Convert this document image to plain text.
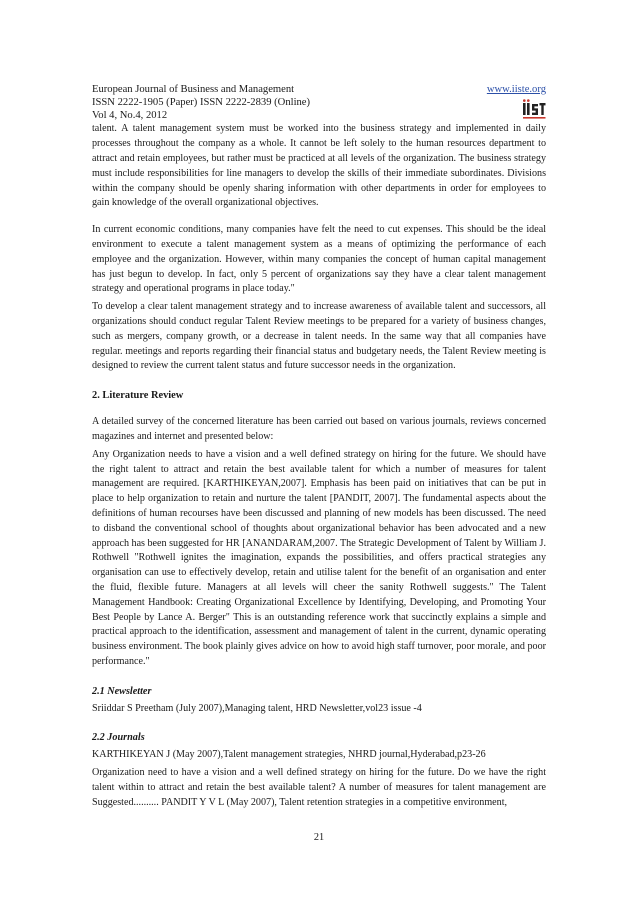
European Journal of Business and Management	www.iiste.org
ISSN 2222-1905 (Paper) ISSN 2222-2839 (Online)
Vol 4, No.4, 2012

talent. A talent management system must be worked into the business strategy and implemented in daily processes throughout the company as a whole. It cannot be left solely to the human resources department to attract and retain employees, but rather must be practiced at all levels of the organization. The business strategy must include responsibilities for line managers to develop the skills of their immediate subordinates. Divisions within the company should be openly sharing information with other departments in order for employees to gain knowledge of the overall organizational objectives.

In current economic conditions, many companies have felt the need to cut expenses. This should be the ideal environment to execute a talent management system as a means of optimizing the performance of each employee and the organization. However, within many companies the concept of human capital management has just begun to develop. In fact, only 5 percent of organizations say they have a clear talent management strategy and operational programs in place today."

To develop a clear talent management strategy and to increase awareness of available talent and successors, all organizations should conduct regular Talent Review meetings to be prepared for a variety of business changes, such as mergers, company growth, or a decrease in talent needs. In the same way that all companies have regular. meetings and reports regarding their financial status and budgetary needs, the Talent Review meeting is designed to review the current talent status and future successor needs in the organization.

2. Literature Review

A detailed survey of the concerned literature has been carried out based on various journals, reviews concerned magazines and internet and presented below:

Any Organization needs to have a vision and a well defined strategy on hiring for the future. We should have the right talent to attract and retain the best available talent for which a number of measures for talent management are required. [KARTHIKEYAN,2007]. Emphasis has been paid on initiatives that can be put in place to help organization to retain and nurture the talent [PANDIT, 2007]. The fundamental aspects about the definitions of human recourses have been discussed and planning of new models has been discussed. The need to disband the conventional school of thoughts about organizational behavior has been advocated and a new approach has been suggested for HR [ANANDARAM,2007. The Strategic Development of Talent by William J. Rothwell "Rothwell ignites the imagination, expands the possibilities, and offers practical strategies any organisation can use to effectively develop, retain and utilise talent for the benefit of an organisation and enter the fluid, flexible future. Managers at all levels will cheer the sanity Rothwell suggests." The Talent Management Handbook: Creating Organizational Excellence by Identifying, Developing, and Promoting Your Best People by Lance A. Berger" This is an outstanding reference work that succinctly explains a simple and practical approach to the identification, assessment and management of talent in the current, dynamic operating business environment. The book plainly gives advice on how to avoid high staff turnover, poor morale, and poor performance."

2.1 Newsletter

Sriiddar S Preetham (July 2007),Managing talent, HRD Newsletter,vol23 issue -4

2.2 Journals

KARTHIKEYAN J (May 2007),Talent management strategies, NHRD journal,Hyderabad,p23-26

Organization need to have a vision and a well defined strategy on hiring for the future. Do we have the right talent within to attract and retain the best available talent? A number of measures for talent management are Suggested.......... PANDIT Y V L (May 2007), Talent retention strategies in a competitive environment,

21
